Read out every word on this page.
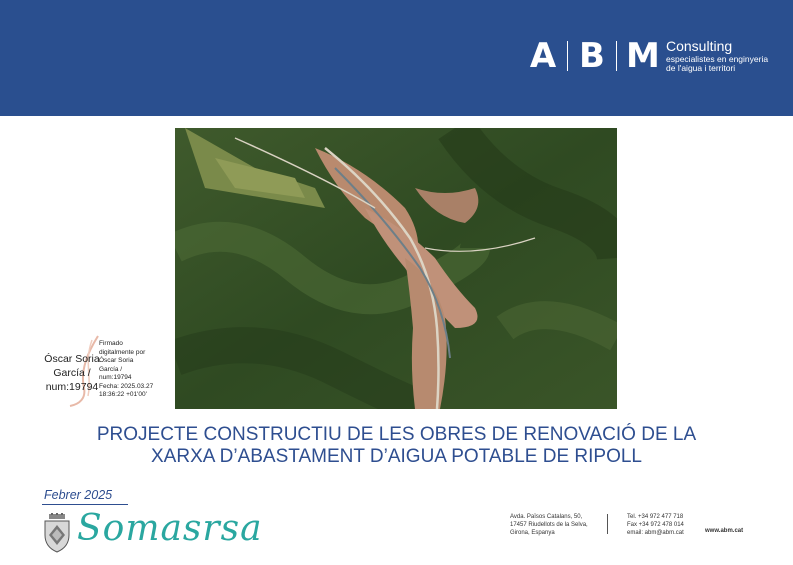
A B M Consulting
especialistes en enginyeria
de l'aigua i territori
Óscar Soria
García /
num:19794
Firmado
digitalmente por
Óscar Soria
García /
num:19794
Fecha: 2025.03.27
18:36:22 +01'00'
PROJECTE CONSTRUCTIU DE LES OBRES DE RENOVACIÓ DE LA
XARXA D’ABASTAMENT D’AIGUA POTABLE DE RIPOLL
Febrer 2025
Somasrsa	Avda. Països Catalans, 50,
17457 Riudellots de la Selva,
Girona, Espanya
Tel. +34 972 477 718
Fax +34 972 478 014
email: abm@abm.cat	www.abm.cat
